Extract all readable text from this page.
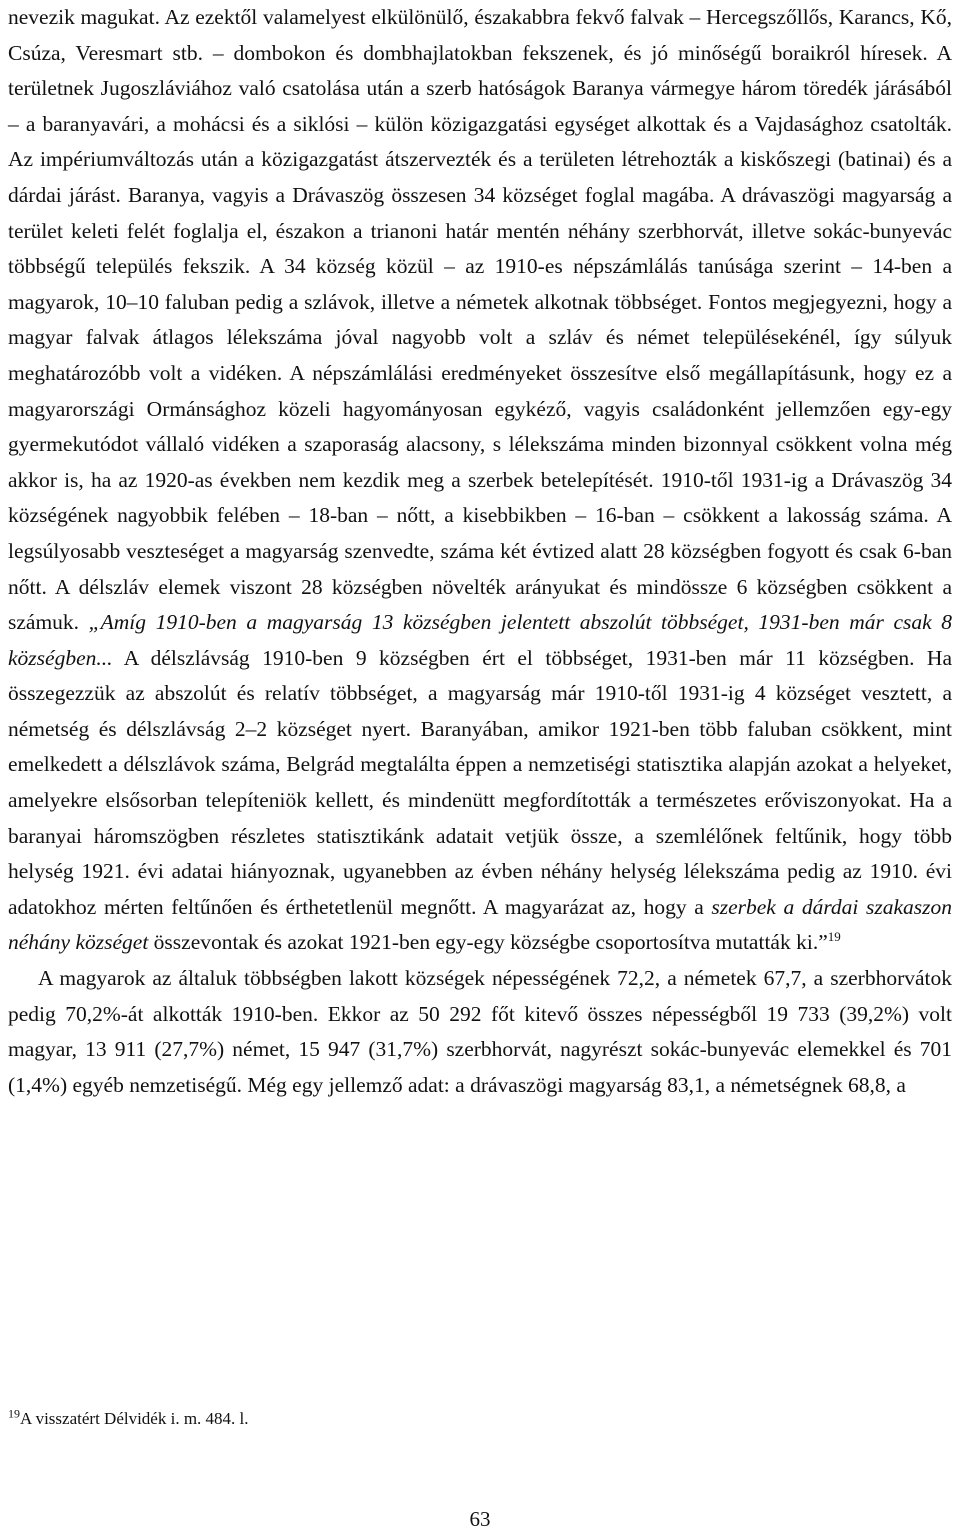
nevezik magukat. Az ezektől valamelyest elkülönülő, északabbra fekvő falvak – Hercegszőllős, Karancs, Kő, Csúza, Veresmart stb. – dombokon és dombhajlatokban fekszenek, és jó minőségű boraikról híresek. A területnek Jugoszláviához való csatolása után a szerb hatóságok Baranya vármegye három töredék járásából – a baranyavári, a mohácsi és a siklósi – külön közigazgatási egységet alkottak és a Vajdasághoz csatolták. Az impériumváltozás után a közigazgatást átszervezték és a területen létrehozták a kiskőszegi (batinai) és a dárdai járást. Baranya, vagyis a Drávaszög összesen 34 községet foglal magába. A drávaszögi magyarság a terület keleti felét foglalja el, északon a trianoni határ mentén néhány szerbhorvát, illetve sokác-bunyevác többségű település fekszik. A 34 község közül – az 1910-es népszámlálás tanúsága szerint – 14-ben a magyarok, 10–10 faluban pedig a szlávok, illetve a németek alkotnak többséget. Fontos megjegyezni, hogy a magyar falvak átlagos lélekszáma jóval nagyobb volt a szláv és német településekénél, így súlyuk meghatározóbb volt a vidéken. A népszámlálási eredményeket összesítve első megállapításunk, hogy ez a magyarországi Ormánsághoz közeli hagyományosan egykéző, vagyis családonként jellemzően egy-egy gyermekutódot vállaló vidéken a szaporaság alacsony, s lélekszáma minden bizonnyal csökkent volna még akkor is, ha az 1920-as években nem kezdik meg a szerbek betelepítését. 1910-től 1931-ig a Drávaszög 34 községének nagyobbik felében – 18-ban – nőtt, a kisebbikben – 16-ban – csökkent a lakosság száma. A legsúlyosabb veszteséget a magyarság szenvedte, száma két évtized alatt 28 községben fogyott és csak 6-ban nőtt. A délszláv elemek viszont 28 községben növelték arányukat és mindössze 6 községben csökkent a számuk. „Amíg 1910-ben a magyarság 13 községben jelentett abszolút többséget, 1931-ben már csak 8 községben... A délszlávság 1910-ben 9 községben ért el többséget, 1931-ben már 11 községben. Ha összegezzük az abszolút és relatív többséget, a magyarság már 1910-től 1931-ig 4 községet vesztett, a németség és délszlávság 2–2 községet nyert. Baranyában, amikor 1921-ben több faluban csökkent, mint emelkedett a délszlávok száma, Belgrád megtalálta éppen a nemzetiségi statisztika alapján azokat a helyeket, amelyekre elsősorban telepíteniök kellett, és mindenütt megfordították a természetes erőviszonyokat. Ha a baranyai háromszögben részletes statisztikánk adatait vetjük össze, a szemlélőnek feltűnik, hogy több helység 1921. évi adatai hiányoznak, ugyanebben az évben néhány helység lélekszáma pedig az 1910. évi adatokhoz mérten feltűnően és érthetetlenül megnőtt. A magyarázat az, hogy a szerbek a dárdai szakaszon néhány községet összevontak és azokat 1921-ben egy-egy községbe csoportosítva mutatták ki.”$^{19}$

A magyarok az általuk többségben lakott községek népességének 72,2, a németek 67,7, a szerbhorvátok pedig 70,2%-át alkották 1910-ben. Ekkor az 50 292 főt kitevő összes népességből 19 733 (39,2%) volt magyar, 13 911 (27,7%) német, 15 947 (31,7%) szerbhorvát, nagyrészt sokác-bunyevác elemekkel és 701 (1,4%) egyéb nemzetiségű. Még egy jellemző adat: a drávaszögi magyarság 83,1, a németségnek 68,8, a

$^{19}$A visszatért Délvidék i. m. 484. l.
63
